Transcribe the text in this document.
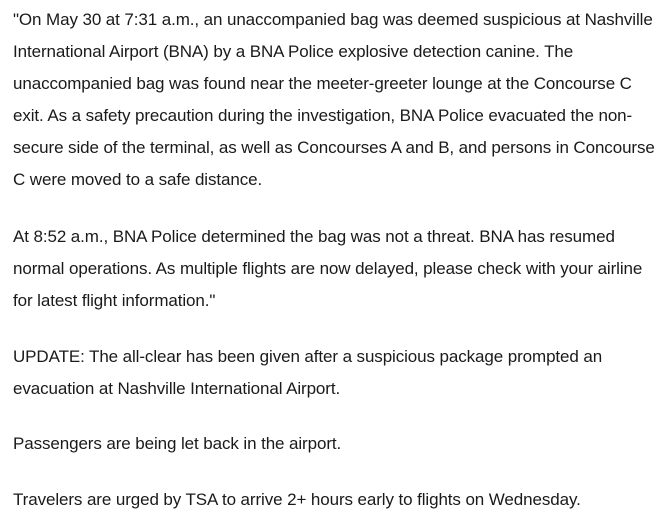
"On May 30 at 7:31 a.m., an unaccompanied bag was deemed suspicious at Nashville International Airport (BNA) by a BNA Police explosive detection canine. The unaccompanied bag was found near the meeter-greeter lounge at the Concourse C exit. As a safety precaution during the investigation, BNA Police evacuated the non-secure side of the terminal, as well as Concourses A and B, and persons in Concourse C were moved to a safe distance.

At 8:52 a.m., BNA Police determined the bag was not a threat. BNA has resumed normal operations. As multiple flights are now delayed, please check with your airline for latest flight information."

UPDATE: The all-clear has been given after a suspicious package prompted an evacuation at Nashville International Airport.

Passengers are being let back in the airport.

Travelers are urged by TSA to arrive 2+ hours early to flights on Wednesday.
